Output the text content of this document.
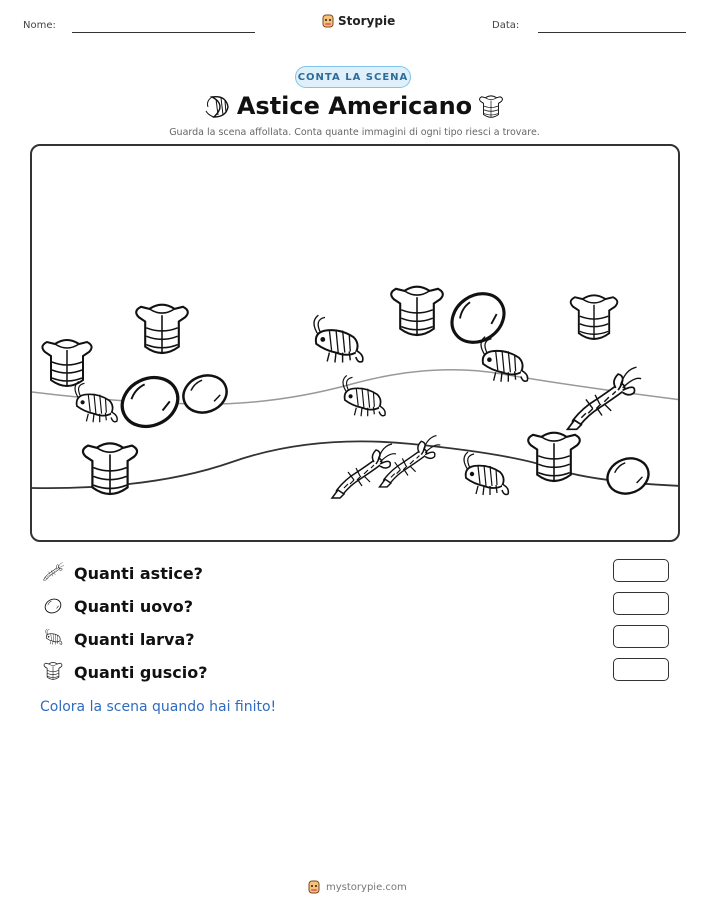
Nome:	Storypie	Data:
CONTA LA SCENA
Astice Americano
Guarda la scena affollata. Conta quante immagini di ogni tipo riesci a trovare.
Quanti astice?
Quanti uovo?
Quanti larva?
Quanti guscio?
Colora la scena quando hai finito!
mystorypie.com
